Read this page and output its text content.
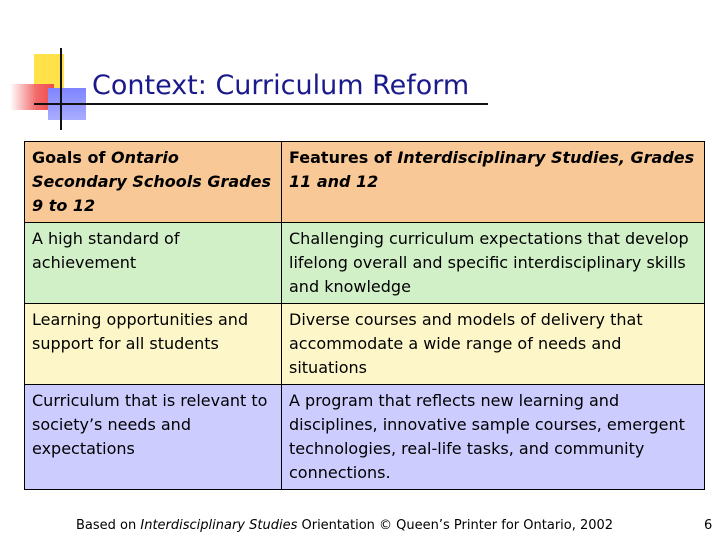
Context: Curriculum Reform
Goals of Ontario Secondary Schools Grades 9 to 12	Features of Interdisciplinary Studies, Grades 11 and 12
A high standard of achievement	Challenging curriculum expectations that develop lifelong overall and specific interdisciplinary skills and knowledge
Learning opportunities and support for all students	Diverse courses and models of delivery that accommodate a wide range of needs and situations
Curriculum that is relevant to society’s needs and expectations	A program that reflects new learning and disciplines, innovative sample courses, emergent technologies, real-life tasks, and community connections.
Based on Interdisciplinary Studies Orientation © Queen’s Printer for Ontario, 2002	6
